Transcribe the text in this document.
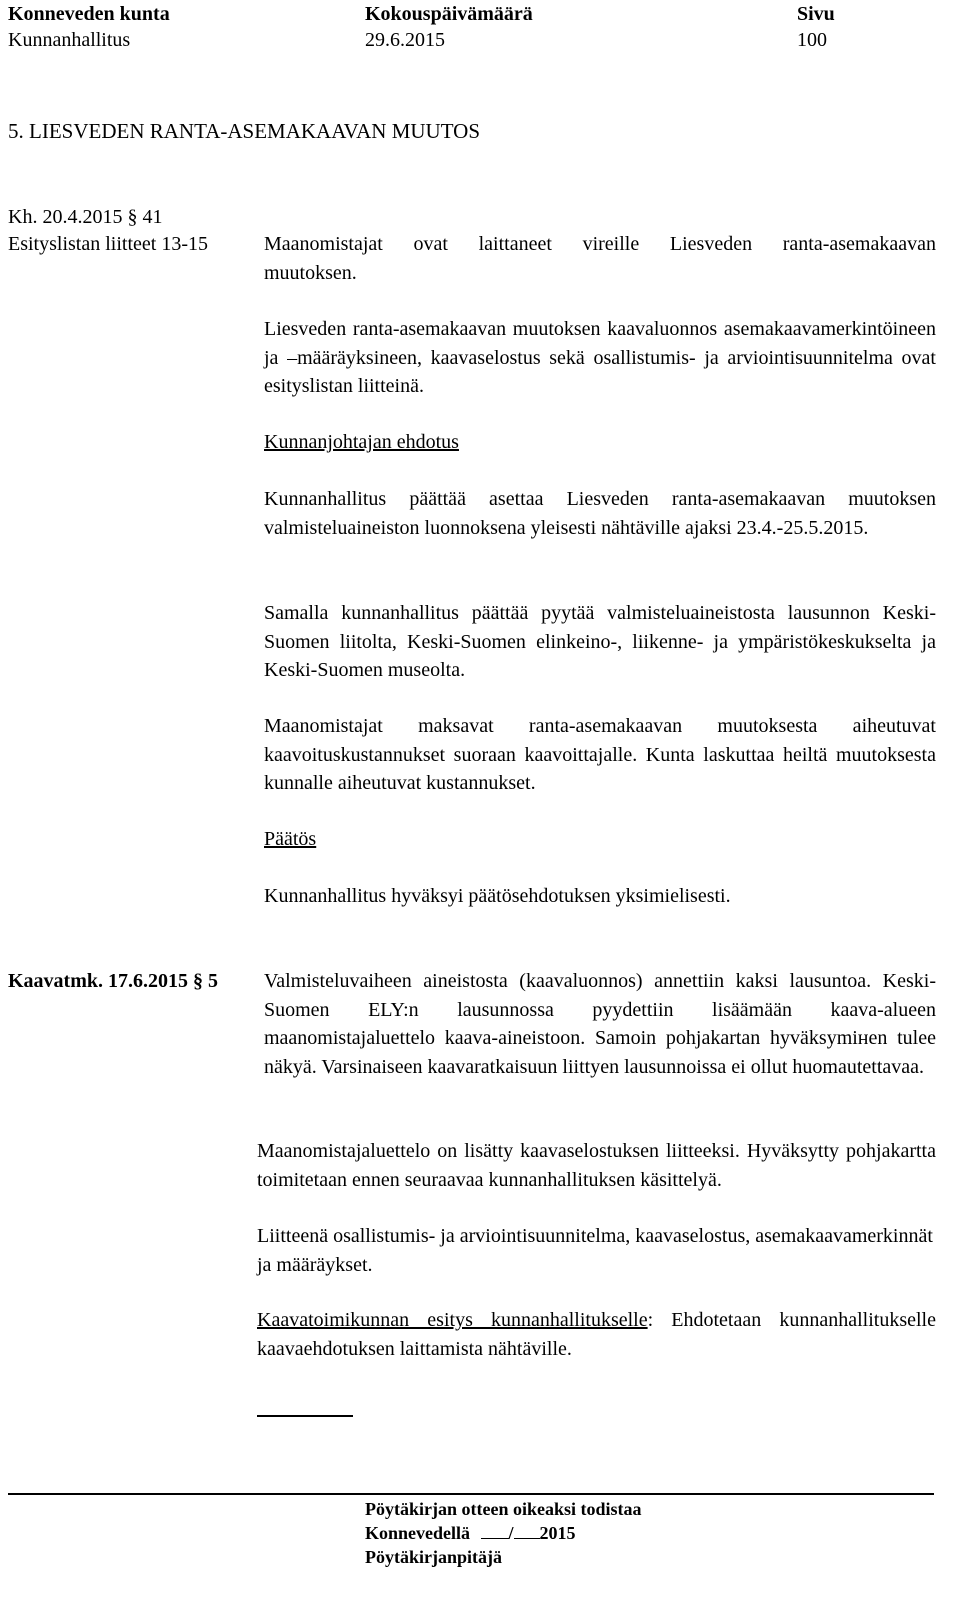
Konneveden kunta	Kokouspäivämäärä	Sivu
Kunnanhallitus	29.6.2015	100
5. LIESVEDEN RANTA-ASEMAKAAVAN MUUTOS
Kh. 20.4.2015 § 41
Esityslistan liitteet 13-15	Maanomistajat ovat laittaneet vireille Liesveden ranta-asemakaavan
muutoksen.
Liesveden ranta-asemakaavan muutoksen kaavaluonnos asemakaavamerkintöineen ja –määräyksineen, kaavaselostus sekä osallistumis- ja arviointisuunnitelma ovat esityslistan liitteinä.
Kunnanjohtajan ehdotus
Kunnanhallitus päättää asettaa Liesveden ranta-asemakaavan muutoksen valmisteluaineiston luonnoksena yleisesti nähtäville ajaksi 23.4.-25.5.2015.
Samalla kunnanhallitus päättää pyytää valmisteluaineistosta lausunnon Keski-Suomen liitolta, Keski-Suomen elinkeino-, liikenne- ja ympäristökeskukselta ja Keski-Suomen museolta.
Maanomistajat maksavat ranta-asemakaavan muutoksesta aiheutuvat kaavoituskustannukset suoraan kaavoittajalle. Kunta laskuttaa heiltä muutoksesta kunnalle aiheutuvat kustannukset.
Päätös
Kunnanhallitus hyväksyi päätösehdotuksen yksimielisesti.
Kaavatmk. 17.6.2015 § 5 Valmisteluvaiheen aineistosta (kaavaluonnos) annettiin kaksi lausuntoa. Keski-Suomen ELY:n lausunnossa pyydettiin lisäämään kaava-alueen maanomistajaluettelo kaava-aineistoon. Samoin pohjakartan hyväksymінen tulee näkyä. Varsinaiseen kaavaratkaisuun liittyen lausunnoissa ei ollut huomautettavaa.
Maanomistajaluettelo on lisätty kaavaselostuksen liitteeksi. Hyväksytty pohjakartta toimitetaan ennen seuraavaa kunnanhallituksen käsittelyä.
Liitteenä osallistumis- ja arviointisuunnitelma, kaavaselostus, asemakaavamerkinnät ja määräykset.
Kaavatoimikunnan esitys kunnanhallitukselle: Ehdotetaan kunnanhallitukselle kaavaehdotuksen laittamista nähtäville.
Pöytäkirjan otteen oikeaksi todistaa
Konnevedellä / 2015
Pöytäkirjanpitäjä
